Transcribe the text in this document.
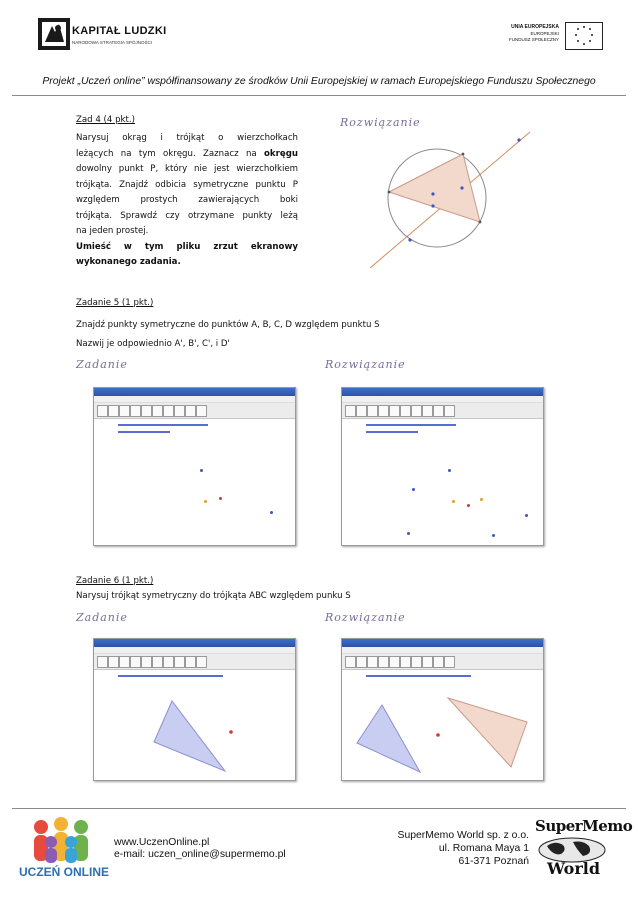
KAPITAŁ LUDZKI
NARODOWA STRATEGIA SPÓJNOŚCI
UNIA EUROPEJSKA
EUROPEJSKI
FUNDUSZ SPOŁECZNY
Projekt „Uczeń online” współfinansowany ze środków Unii Europejskiej w ramach Europejskiego Funduszu Społecznego
Zad 4 (4 pkt.)
Narysuj okrąg i trójkąt o wierzchołkach
leżących na tym okręgu. Zaznacz na okręgu
dowolny punkt P, który nie jest wierzchołkiem
trójkąta. Znajdź odbicia symetryczne punktu P
względem prostych zawierających boki
trójkąta. Sprawdź czy otrzymane punkty leżą
na jeden prostej.
Umieść w tym pliku zrzut ekranowy
wykonanego zadania.
Rozwiązanie
Zadanie 5 (1 pkt.)
Znajdź punkty symetryczne do punktów A, B, C, D względem punktu S
Nazwij je odpowiednio A', B', C', i D'
Zadanie	Rozwiązanie
Zadanie 6 (1 pkt.)
Narysuj trójkąt symetryczny do trójkąta ABC względem punku S
Zadanie	Rozwiązanie
UCZEŃ ONLINE
www.UczenOnline.pl
e-mail: uczen_online@supermemo.pl
SuperMemo World sp. z o.o.
ul. Romana Maya 1
61-371 Poznań
SuperMemo
World
